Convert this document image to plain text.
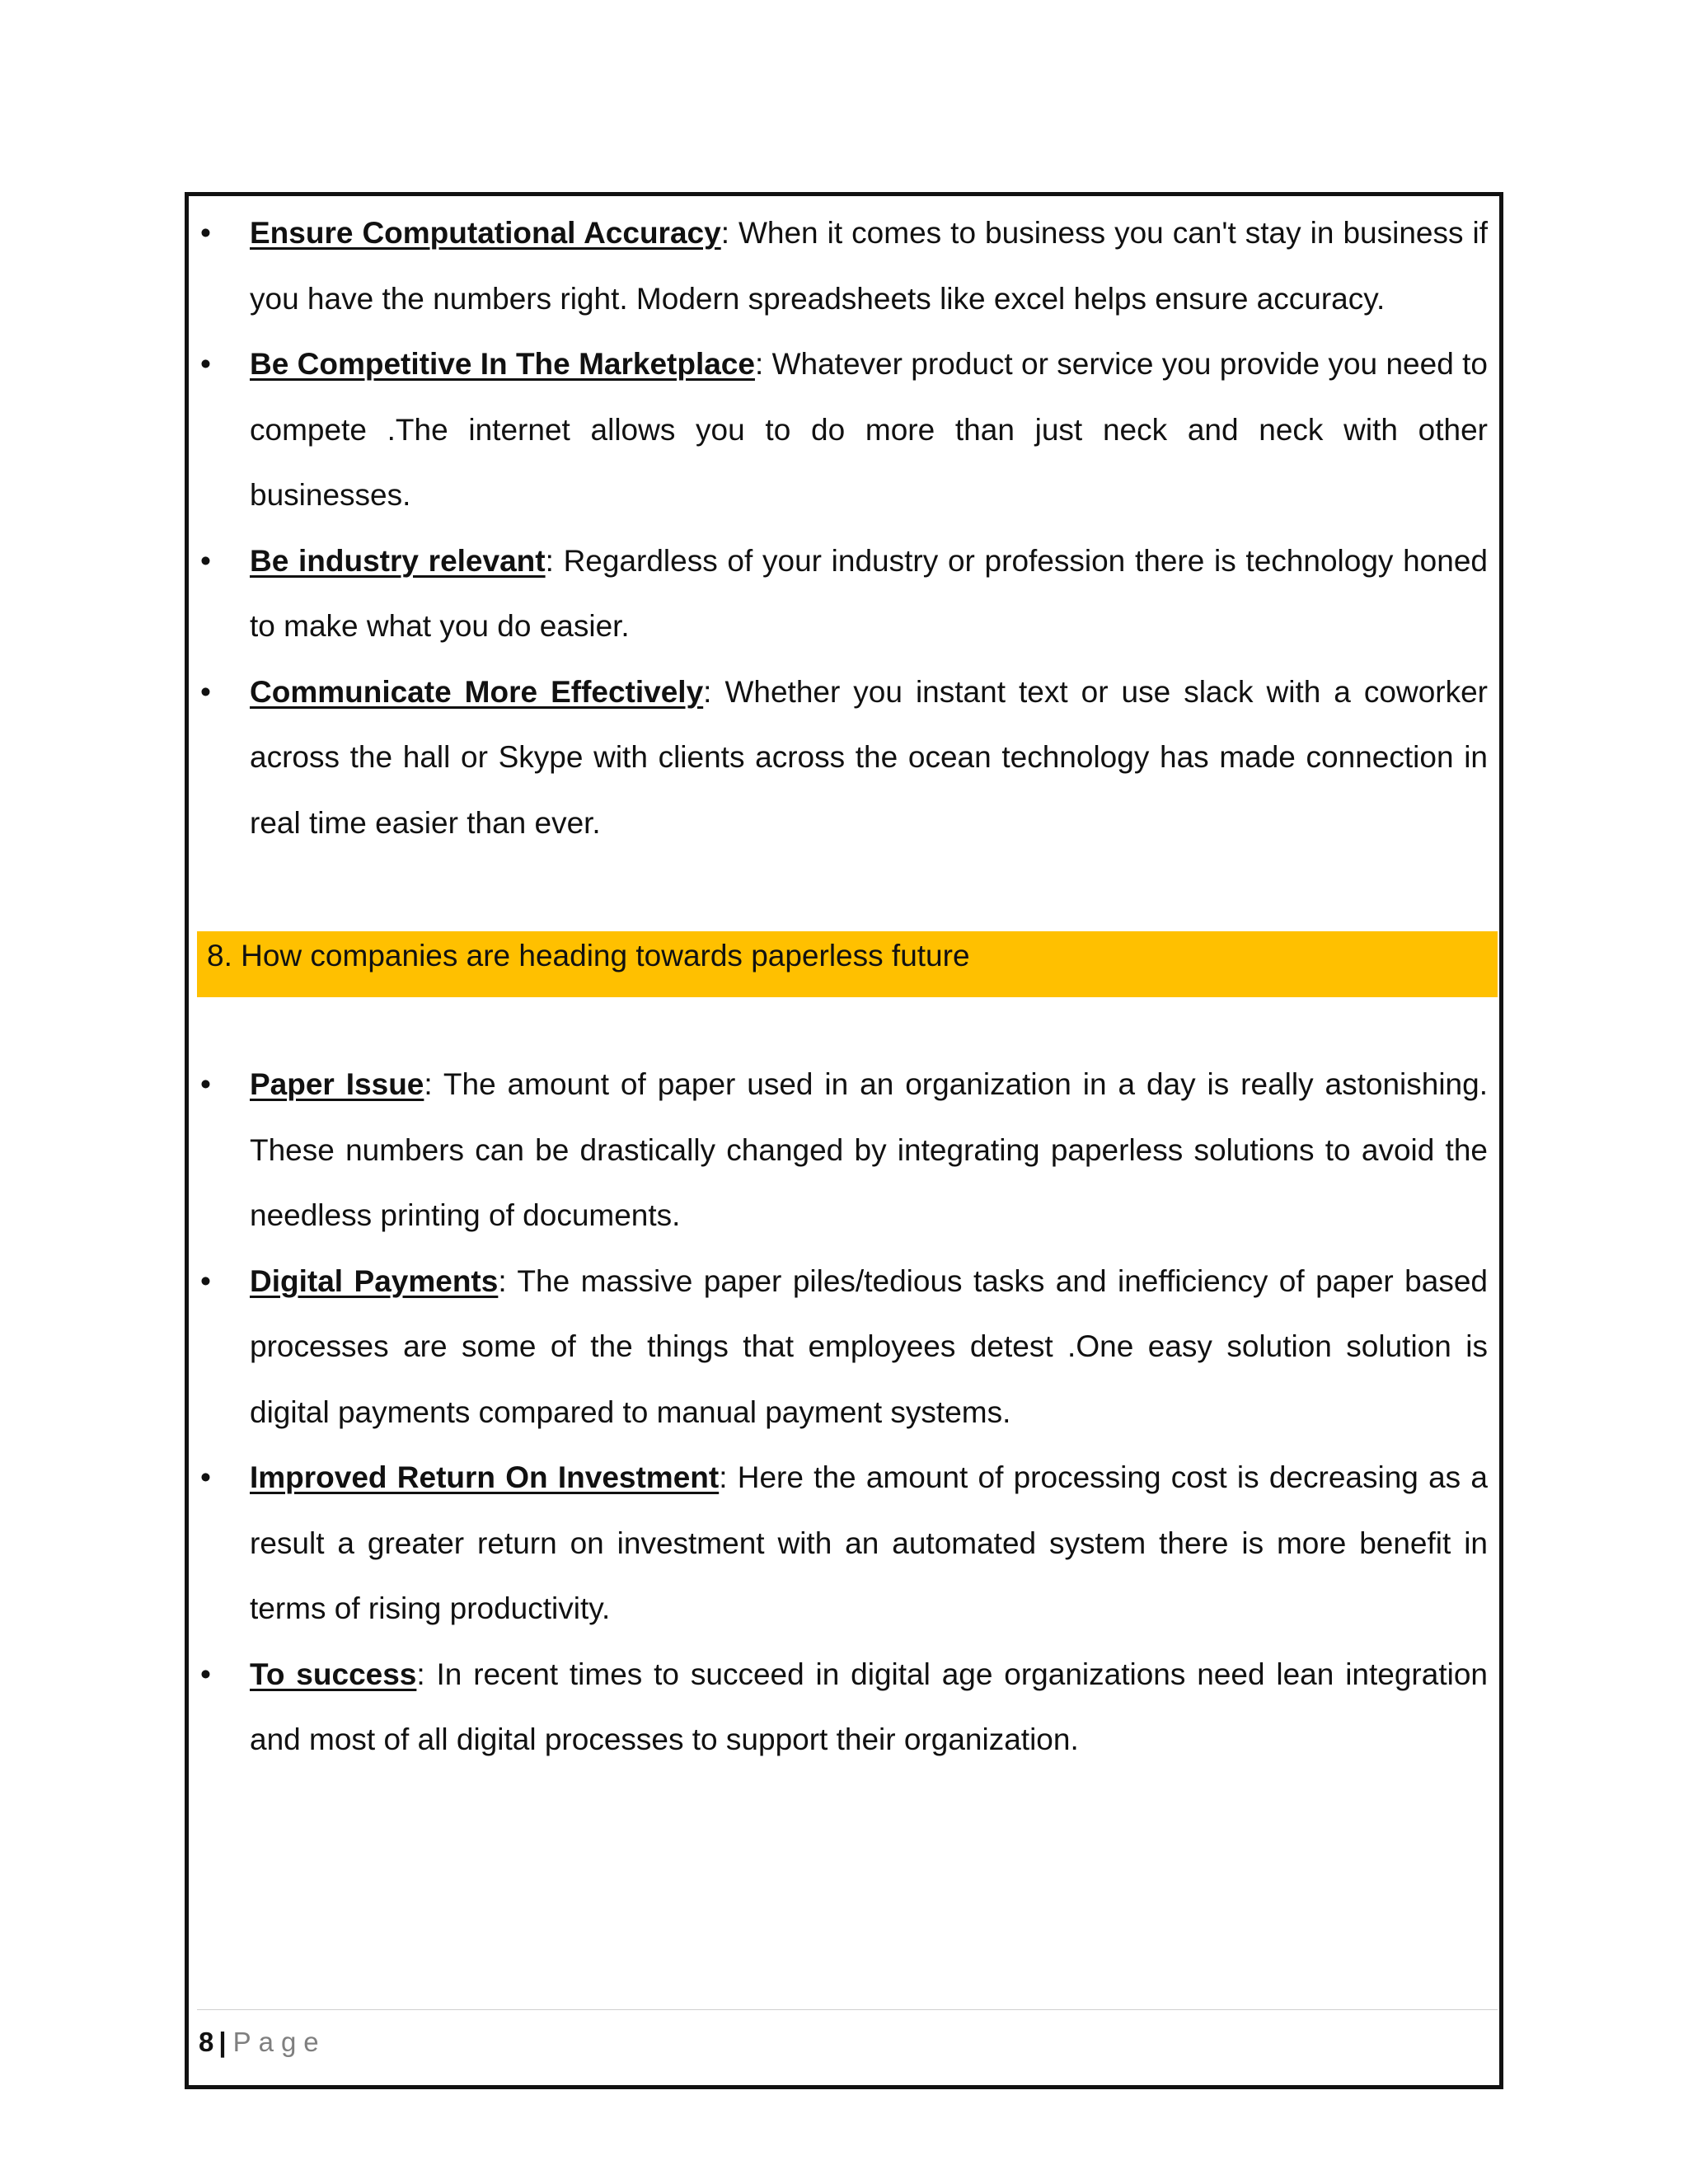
• Ensure Computational Accuracy: When it comes to business you can't stay in business if you have the numbers right. Modern spreadsheets like excel helps ensure accuracy.
• Be Competitive In The Marketplace: Whatever product or service you provide you need to compete .The internet allows you to do more than just neck and neck with other businesses.
• Be industry relevant: Regardless of your industry or profession there is technology honed to make what you do easier.
• Communicate More Effectively: Whether you instant text or use slack with a coworker across the hall or Skype with clients across the ocean technology has made connection in real time easier than ever.
8. How companies are heading towards paperless future
• Paper Issue: The amount of paper used in an organization in a day is really astonishing. These numbers can be drastically changed by integrating paperless solutions to avoid the needless printing of documents.
• Digital Payments: The massive paper piles/tedious tasks and inefficiency of paper based processes are some of the things that employees detest .One easy solution solution is digital payments compared to manual payment systems.
• Improved Return On Investment: Here the amount of processing cost is decreasing as a result a greater return on investment with an automated system there is more benefit in terms of rising productivity.
• To success: In recent times to succeed in digital age organizations need lean integration and most of all digital processes to support their organization.
8 | Page
